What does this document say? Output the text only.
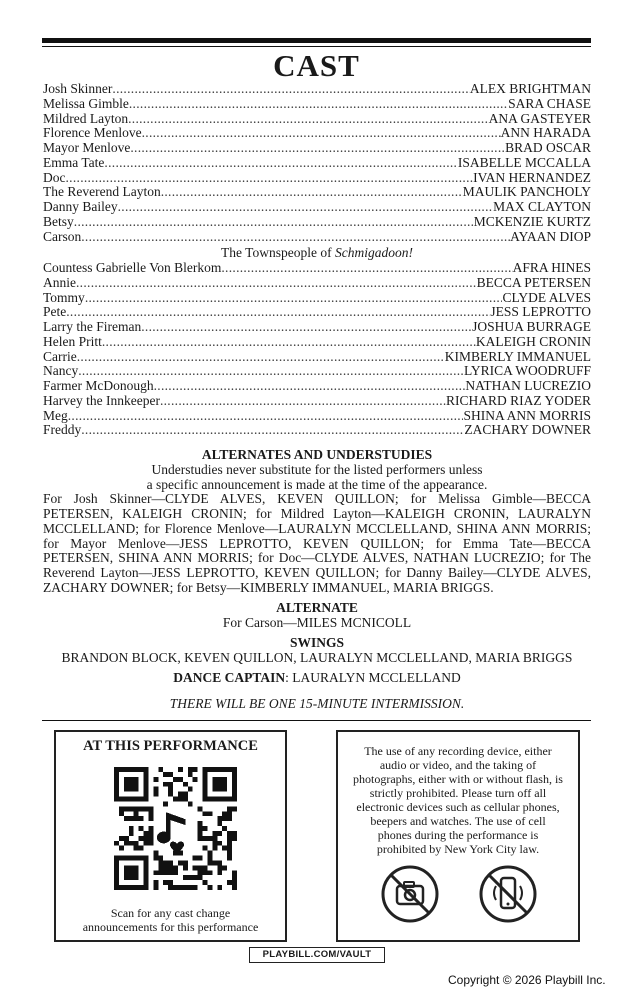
CAST
Josh Skinner .....	ALEX BRIGHTMAN
Melissa Gimble .....	SARA CHASE
Mildred Layton .....	ANA GASTEYER
Florence Menlove .....	ANN HARADA
Mayor Menlove .....	BRAD OSCAR
Emma Tate .....	ISABELLE MCCALLA
Doc .....	IVAN HERNANDEZ
The Reverend Layton .....	MAULIK PANCHOLY
Danny Bailey .....	MAX CLAYTON
Betsy .....	MCKENZIE KURTZ
Carson .....	AYAAN DIOP
The Townspeople of Schmigadoon!
Countess Gabrielle Von Blerkom .....	AFRA HINES
Annie .....	BECCA PETERSEN
Tommy .....	CLYDE ALVES
Pete .....	JESS LEPROTTO
Larry the Fireman .....	JOSHUA BURRAGE
Helen Pritt .....	KALEIGH CRONIN
Carrie .....	KIMBERLY IMMANUEL
Nancy .....	LYRICA WOODRUFF
Farmer McDonough .....	NATHAN LUCREZIO
Harvey the Innkeeper .....	RICHARD RIAZ YODER
Meg .....	SHINA ANN MORRIS
Freddy .....	ZACHARY DOWNER
ALTERNATES AND UNDERSTUDIES
Understudies never substitute for the listed performers unless
a specific announcement is made at the time of the appearance.
For Josh Skinner—CLYDE ALVES, KEVEN QUILLON; for Melissa Gimble—BECCA PETERSEN, KALEIGH CRONIN; for Mildred Layton—KALEIGH CRONIN, LAURALYN MCCLELLAND; for Florence Menlove—LAURALYN MCCLELLAND, SHINA ANN MORRIS; for Mayor Menlove—JESS LEPROTTO, KEVEN QUILLON; for Emma Tate—BECCA PETERSEN, SHINA ANN MORRIS; for Doc—CLYDE ALVES, NATHAN LUCREZIO; for The Reverend Layton—JESS LEPROTTO, KEVEN QUILLON; for Danny Bailey—CLYDE ALVES, ZACHARY DOWNER; for Betsy—KIMBERLY IMMANUEL, MARIA BRIGGS.
ALTERNATE
For Carson—MILES MCNICOLL
SWINGS
BRANDON BLOCK, KEVEN QUILLON, LAURALYN MCCLELLAND, MARIA BRIGGS
DANCE CAPTAIN: LAURALYN MCCLELLAND
THERE WILL BE ONE 15-MINUTE INTERMISSION.
AT THIS PERFORMANCE
Scan for any cast change
announcements for this performance
The use of any recording device, either audio or video, and the taking of photographs, either with or without flash, is strictly prohibited. Please turn off all electronic devices such as cellular phones, beepers and watches. The use of cell phones during the performance is prohibited by New York City law.
PLAYBILL.COM/VAULT
Copyright © 2026 Playbill Inc.
